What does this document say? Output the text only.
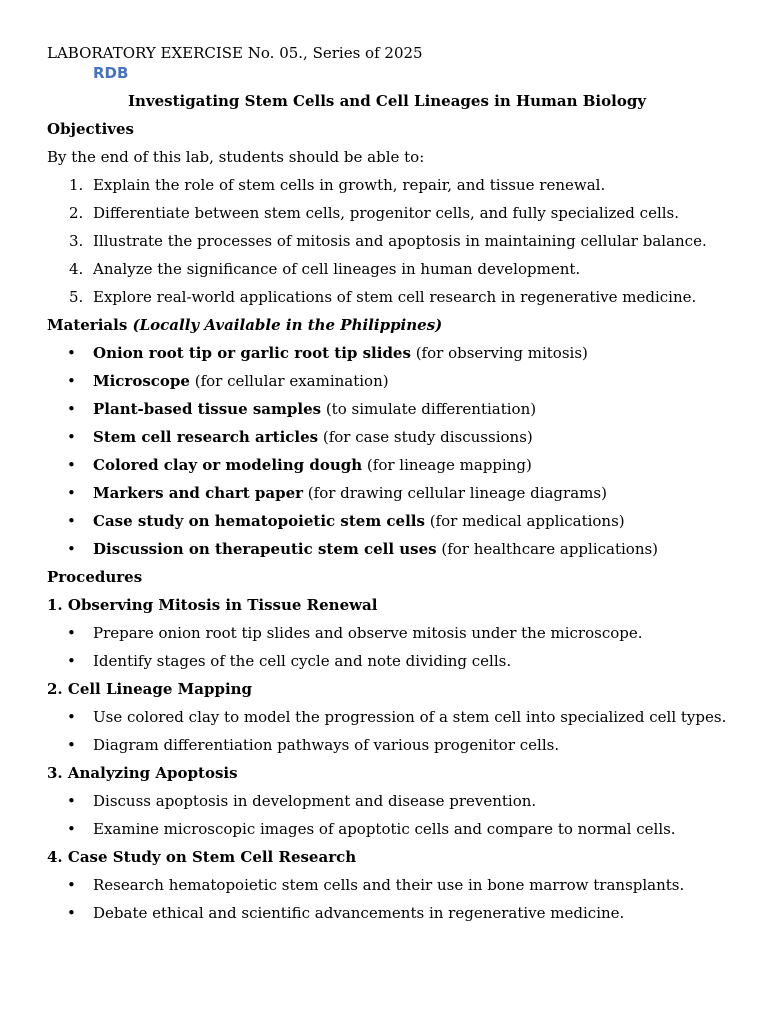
LABORATORY EXERCISE No. 05., Series of 2025

RDB

Investigating Stem Cells and Cell Lineages in Human Biology

Objectives

By the end of this lab, students should be able to:

1. Explain the role of stem cells in growth, repair, and tissue renewal.
2. Differentiate between stem cells, progenitor cells, and fully specialized cells.
3. Illustrate the processes of mitosis and apoptosis in maintaining cellular balance.
4. Analyze the significance of cell lineages in human development.
5. Explore real-world applications of stem cell research in regenerative medicine.

Materials (Locally Available in the Philippines)

• Onion root tip or garlic root tip slides (for observing mitosis)
• Microscope (for cellular examination)
• Plant-based tissue samples (to simulate differentiation)
• Stem cell research articles (for case study discussions)
• Colored clay or modeling dough (for lineage mapping)
• Markers and chart paper (for drawing cellular lineage diagrams)
• Case study on hematopoietic stem cells (for medical applications)
• Discussion on therapeutic stem cell uses (for healthcare applications)

Procedures

1. Observing Mitosis in Tissue Renewal

• Prepare onion root tip slides and observe mitosis under the microscope.
• Identify stages of the cell cycle and note dividing cells.

2. Cell Lineage Mapping

• Use colored clay to model the progression of a stem cell into specialized cell types.
• Diagram differentiation pathways of various progenitor cells.

3. Analyzing Apoptosis

• Discuss apoptosis in development and disease prevention.
• Examine microscopic images of apoptotic cells and compare to normal cells.

4. Case Study on Stem Cell Research

• Research hematopoietic stem cells and their use in bone marrow transplants.
• Debate ethical and scientific advancements in regenerative medicine.
